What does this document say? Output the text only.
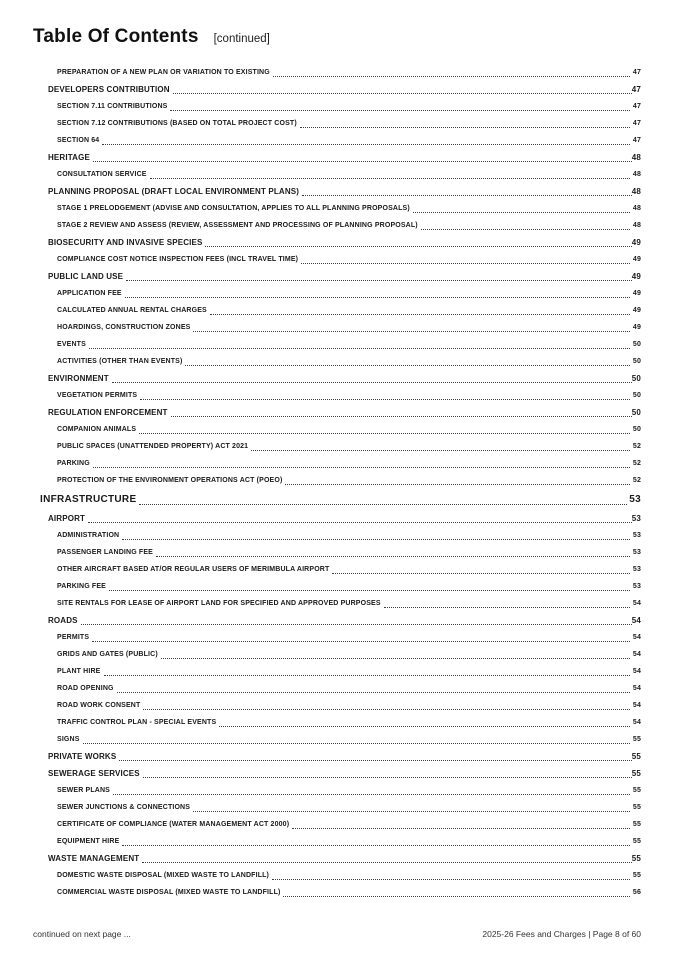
Table Of Contents [continued]
PREPARATION OF A NEW PLAN OR VARIATION TO EXISTING	47
DEVELOPERS CONTRIBUTION	47
SECTION 7.11 CONTRIBUTIONS	47
SECTION 7.12 CONTRIBUTIONS (BASED ON TOTAL PROJECT COST)	47
SECTION 64	47
HERITAGE	48
CONSULTATION SERVICE	48
PLANNING PROPOSAL (DRAFT LOCAL ENVIRONMENT PLANS)	48
STAGE 1 PRELODGEMENT (ADVISE AND CONSULTATION, APPLIES TO ALL PLANNING PROPOSALS)	48
STAGE 2 REVIEW AND ASSESS (REVIEW, ASSESSMENT AND PROCESSING OF PLANNING PROPOSAL)	48
BIOSECURITY AND INVASIVE SPECIES	49
COMPLIANCE COST NOTICE INSPECTION FEES (INCL TRAVEL TIME)	49
PUBLIC LAND USE	49
APPLICATION FEE	49
CALCULATED ANNUAL RENTAL CHARGES	49
HOARDINGS, CONSTRUCTION ZONES	49
EVENTS	50
ACTIVITIES (OTHER THAN EVENTS)	50
ENVIRONMENT	50
VEGETATION PERMITS	50
REGULATION ENFORCEMENT	50
COMPANION ANIMALS	50
PUBLIC SPACES (UNATTENDED PROPERTY) ACT 2021	52
PARKING	52
PROTECTION OF THE ENVIRONMENT OPERATIONS ACT (POEO)	52
INFRASTRUCTURE	53
AIRPORT	53
ADMINISTRATION	53
PASSENGER LANDING FEE	53
OTHER AIRCRAFT BASED AT/OR REGULAR USERS OF MERIMBULA AIRPORT	53
PARKING FEE	53
SITE RENTALS FOR LEASE OF AIRPORT LAND FOR SPECIFIED AND APPROVED PURPOSES	54
ROADS	54
PERMITS	54
GRIDS AND GATES (PUBLIC)	54
PLANT HIRE	54
ROAD OPENING	54
ROAD WORK CONSENT	54
TRAFFIC CONTROL PLAN - SPECIAL EVENTS	54
SIGNS	55
PRIVATE WORKS	55
SEWERAGE SERVICES	55
SEWER PLANS	55
SEWER JUNCTIONS & CONNECTIONS	55
CERTIFICATE OF COMPLIANCE (WATER MANAGEMENT ACT 2000)	55
EQUIPMENT HIRE	55
WASTE MANAGEMENT	55
DOMESTIC WASTE DISPOSAL (MIXED WASTE TO LANDFILL)	55
COMMERCIAL WASTE DISPOSAL (MIXED WASTE TO LANDFILL)	56
continued on next page ...	2025-26 Fees and Charges | Page 8 of 60
